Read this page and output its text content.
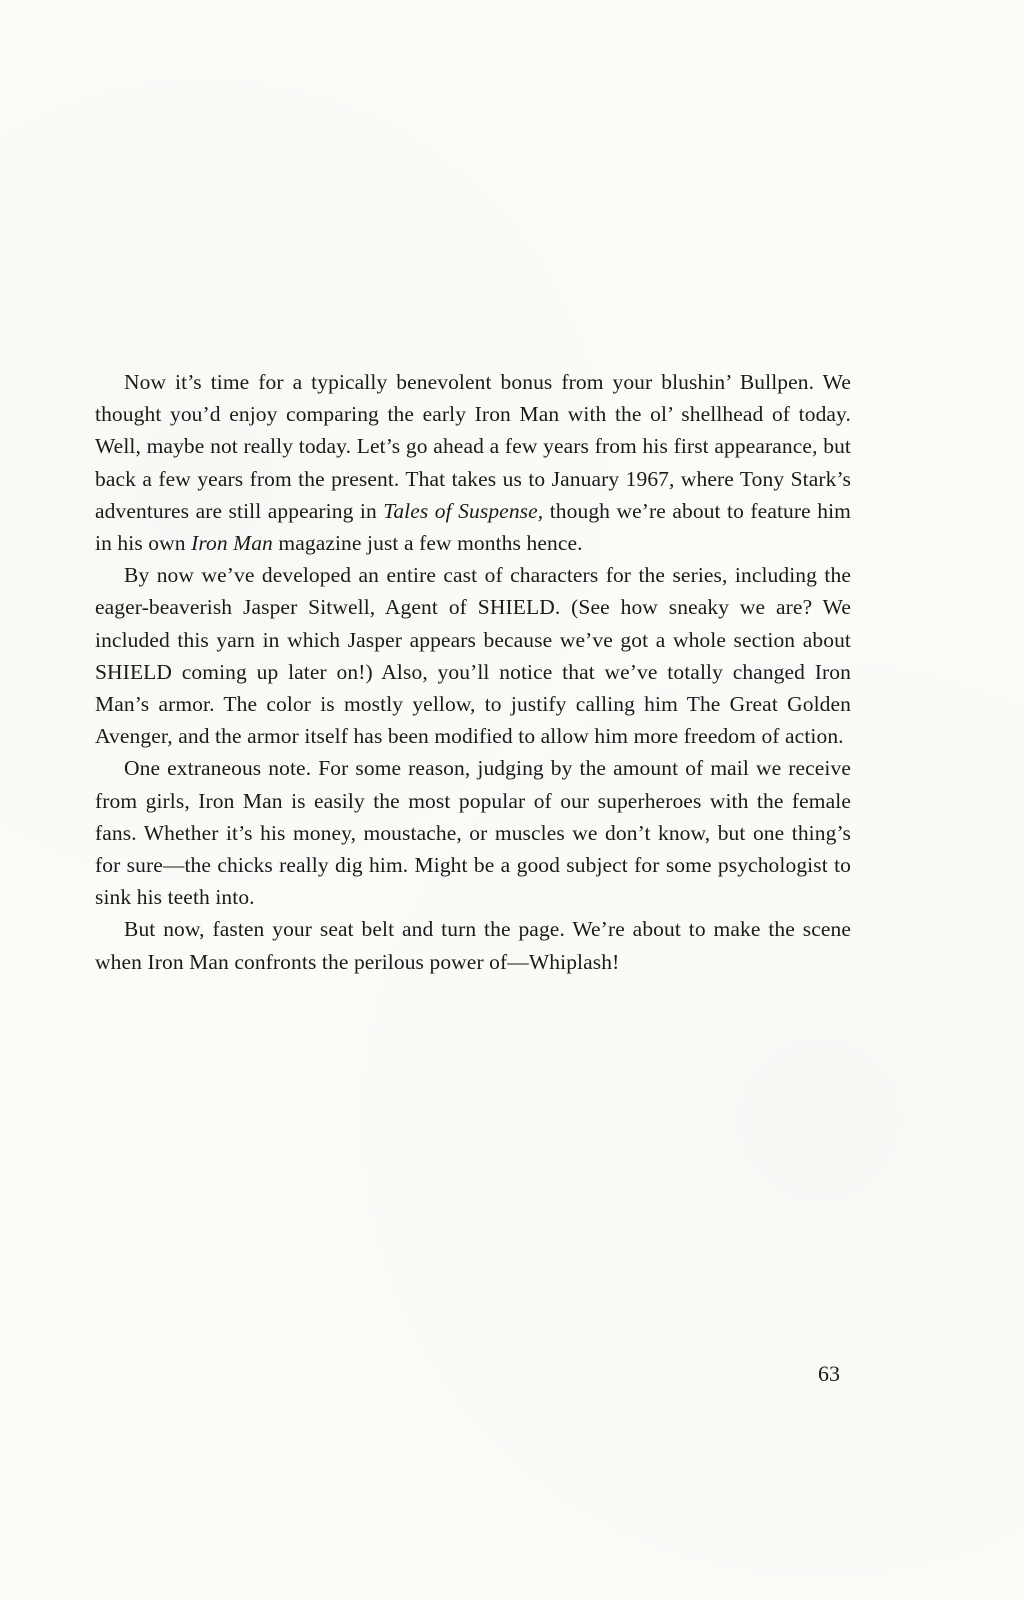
Now it’s time for a typically benevolent bonus from your blushin’ Bullpen. We thought you’d enjoy comparing the early Iron Man with the ol’ shellhead of today. Well, maybe not really today. Let’s go ahead a few years from his first appearance, but back a few years from the present. That takes us to January 1967, where Tony Stark’s adventures are still appearing in Tales of Suspense, though we’re about to feature him in his own Iron Man magazine just a few months hence.

By now we’ve developed an entire cast of characters for the series, including the eager-beaverish Jasper Sitwell, Agent of SHIELD. (See how sneaky we are? We included this yarn in which Jasper appears because we’ve got a whole section about SHIELD coming up later on!) Also, you’ll notice that we’ve totally changed Iron Man’s armor. The color is mostly yellow, to justify calling him The Great Golden Avenger, and the armor itself has been modified to allow him more freedom of action.

One extraneous note. For some reason, judging by the amount of mail we receive from girls, Iron Man is easily the most popular of our superheroes with the female fans. Whether it’s his money, moustache, or muscles we don’t know, but one thing’s for sure—the chicks really dig him. Might be a good subject for some psychologist to sink his teeth into.

But now, fasten your seat belt and turn the page. We’re about to make the scene when Iron Man confronts the perilous power of—Whiplash!

63
